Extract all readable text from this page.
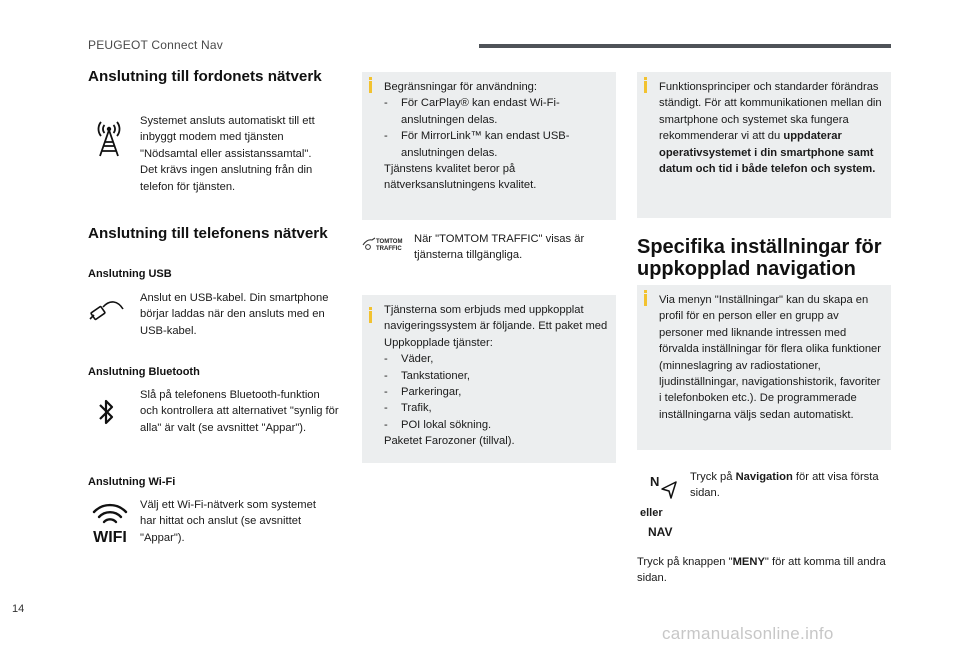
PEUGEOT Connect Nav
Anslutning till fordonets nätverk
Systemet ansluts automatiskt till ett inbyggt modem med tjänsten "Nödsamtal eller assistanssamtal". Det krävs ingen anslutning från din telefon för tjänsten.
Anslutning till telefonens nätverk
Anslutning USB
Anslut en USB-kabel. Din smartphone börjar laddas när den ansluts med en USB-kabel.
Anslutning Bluetooth
Slå på telefonens Bluetooth-funktion och kontrollera att alternativet "synlig för alla" är valt (se avsnittet "Appar").
Anslutning Wi-Fi
WIFI
Välj ett Wi-Fi-nätverk som systemet har hittat och anslut (se avsnittet "Appar").
Begränsningar för användning:
- För CarPlay® kan endast Wi-Fi-anslutningen delas.
- För MirrorLink™ kan endast USB-anslutningen delas.
Tjänstens kvalitet beror på nätverksanslutningens kvalitet.
TOMTOM
TRAFFIC
När "TOMTOM TRAFFIC" visas är tjänsterna tillgängliga.
Tjänsterna som erbjuds med uppkopplat navigeringssystem är följande. Ett paket med Uppkopplade tjänster:
- Väder,
- Tankstationer,
- Parkeringar,
- Trafik,
- POI lokal sökning.
Paketet Farozoner (tillval).
Funktionsprinciper och standarder förändras ständigt. För att kommunikationen mellan din smartphone och systemet ska fungera rekommenderar vi att du uppdaterar operativsystemet i din smartphone samt datum och tid i både telefon och system.
Specifika inställningar för
uppkopplad navigation
Via menyn "Inställningar" kan du skapa en profil för en person eller en grupp av personer med liknande intressen med förvalda inställningar för flera olika funktioner (minneslagring av radiostationer, ljudinställningar, navigationshistorik, favoriter i telefonboken etc.). De programmerade inställningarna väljs sedan automatiskt.
N
eller
NAV
Tryck på Navigation för att visa första sidan.
Tryck på knappen "MENY" för att komma till andra sidan.
14
carmanualsonline.info
